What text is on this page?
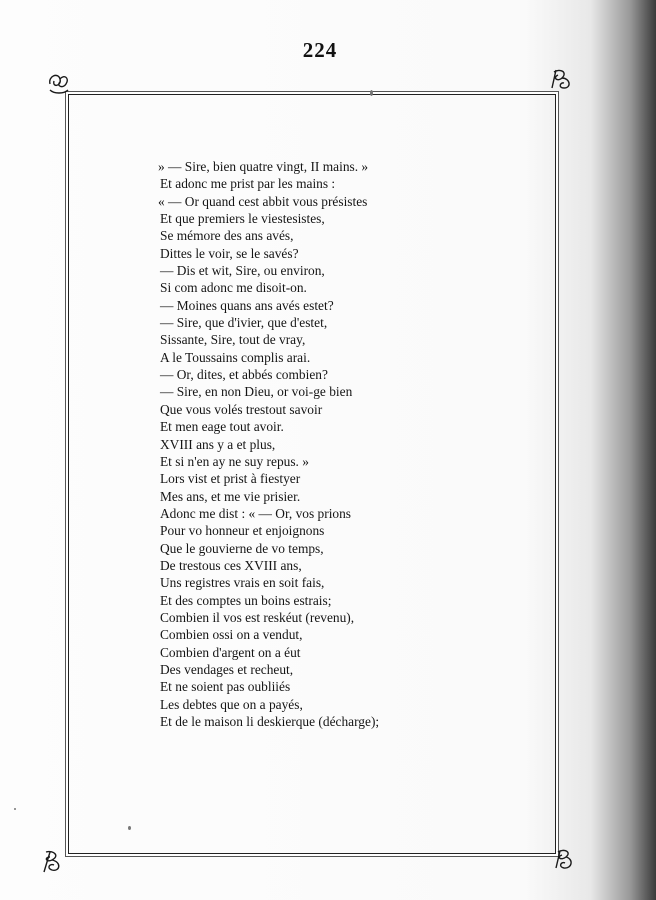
224
» — Sire, bien quatre vingt, II mains. »
Et adonc me prist par les mains :
« — Or quand cest abbit vous présistes
Et que premiers le viestesistes,
Se mémore des ans avés,
Dittes le voir, se le savés?
— Dis et wit, Sire, ou environ,
Si com adonc me disoit-on.
— Moines quans ans avés estet?
— Sire, que d'ivier, que d'estet,
Sissante, Sire, tout de vray,
A le Toussains complis arai.
— Or, dites, et abbés combien?
— Sire, en non Dieu, or voi-ge bien
Que vous volés trestout savoir
Et men eage tout avoir.
XVIII ans y a et plus,
Et si n'en ay ne suy repus. »
Lors vist et prist à fiestyer
Mes ans, et me vie prisier.
Adonc me dist : « — Or, vos prions
Pour vo honneur et enjoignons
Que le gouvierne de vo temps,
De trestous ces XVIII ans,
Uns registres vrais en soit fais,
Et des comptes un boins estrais;
Combien il vos est reskéut (revenu),
Combien ossi on a vendut,
Combien d'argent on a éut
Des vendages et recheut,
Et ne soient pas oubliiés
Les debtes que on a payés,
Et de le maison li deskierque (décharge);
